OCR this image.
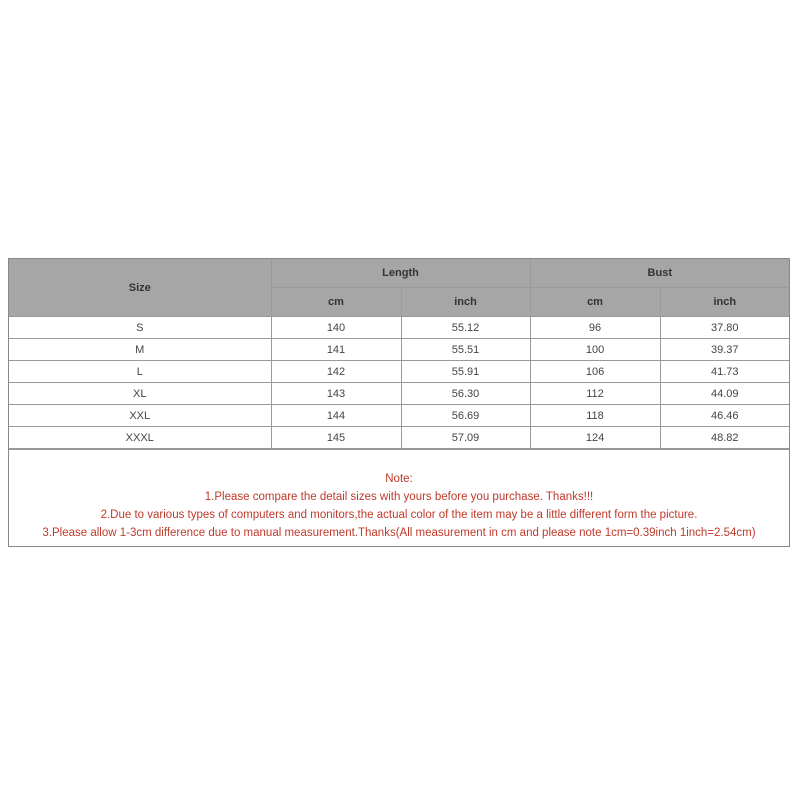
Size	Length		Bust	
	cm	inch	cm	inch
S	140	55.12	96	37.80
M	141	55.51	100	39.37
L	142	55.91	106	41.73
XL	143	56.30	112	44.09
XXL	144	56.69	118	46.46
XXXL	145	57.09	124	48.82
Note:
1.Please compare the detail sizes with yours before you purchase. Thanks!!!
2.Due to various types of computers and monitors,the actual color of the item may be a little different form the picture.
3.Please allow 1-3cm difference due to manual measurement.Thanks(All measurement in cm and please note 1cm=0.39inch 1inch=2.54cm)
